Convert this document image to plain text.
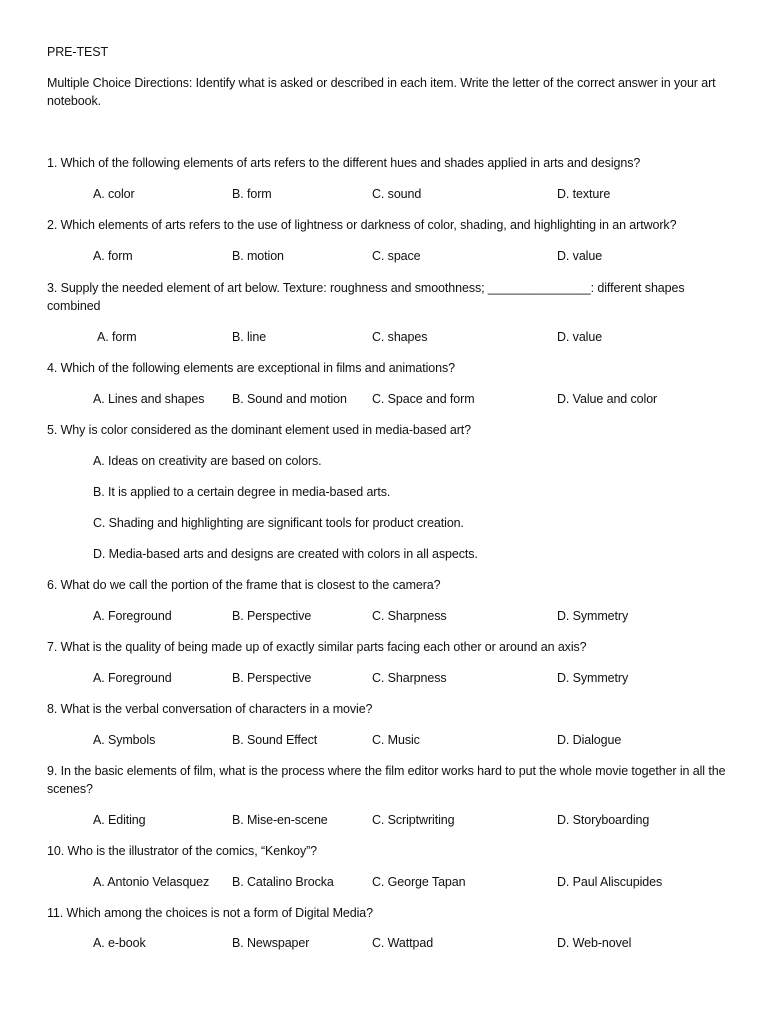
PRE-TEST
Multiple Choice Directions: Identify what is asked or described in each item. Write the letter of the correct answer in your art notebook.
1. Which of the following elements of arts refers to the different hues and shades applied in arts and designs?
A. color	B. form	C. sound	D. texture
2. Which elements of arts refers to the use of lightness or darkness of color, shading, and highlighting in an artwork?
A. form	B. motion	C. space	D. value
3. Supply the needed element of art below. Texture: roughness and smoothness; _______________: different shapes combined
A. form	B. line	C. shapes	D. value
4. Which of the following elements are exceptional in films and animations?
A. Lines and shapes B. Sound and motion C. Space and form	D. Value and color
5. Why is color considered as the dominant element used in media-based art?
A. Ideas on creativity are based on colors.
B. It is applied to a certain degree in media-based arts.
C. Shading and highlighting are significant tools for product creation.
D. Media-based arts and designs are created with colors in all aspects.
6. What do we call the portion of the frame that is closest to the camera?
A. Foreground	B. Perspective	C. Sharpness	D. Symmetry
7. What is the quality of being made up of exactly similar parts facing each other or around an axis?
A. Foreground	B. Perspective	C. Sharpness	D. Symmetry
8. What is the verbal conversation of characters in a movie?
A. Symbols	B. Sound Effect	C. Music	D. Dialogue
9. In the basic elements of film, what is the process where the film editor works hard to put the whole movie together in all the scenes?
A. Editing	B. Mise-en-scene	C. Scriptwriting	D. Storyboarding
10. Who is the illustrator of the comics, “Kenkoy”?
A. Antonio Velasquez B. Catalino Brocka	C. George Tapan	D. Paul Aliscupides
11. Which among the choices is not a form of Digital Media?
A. e-book	B. Newspaper	C. Wattpad	D. Web-novel
